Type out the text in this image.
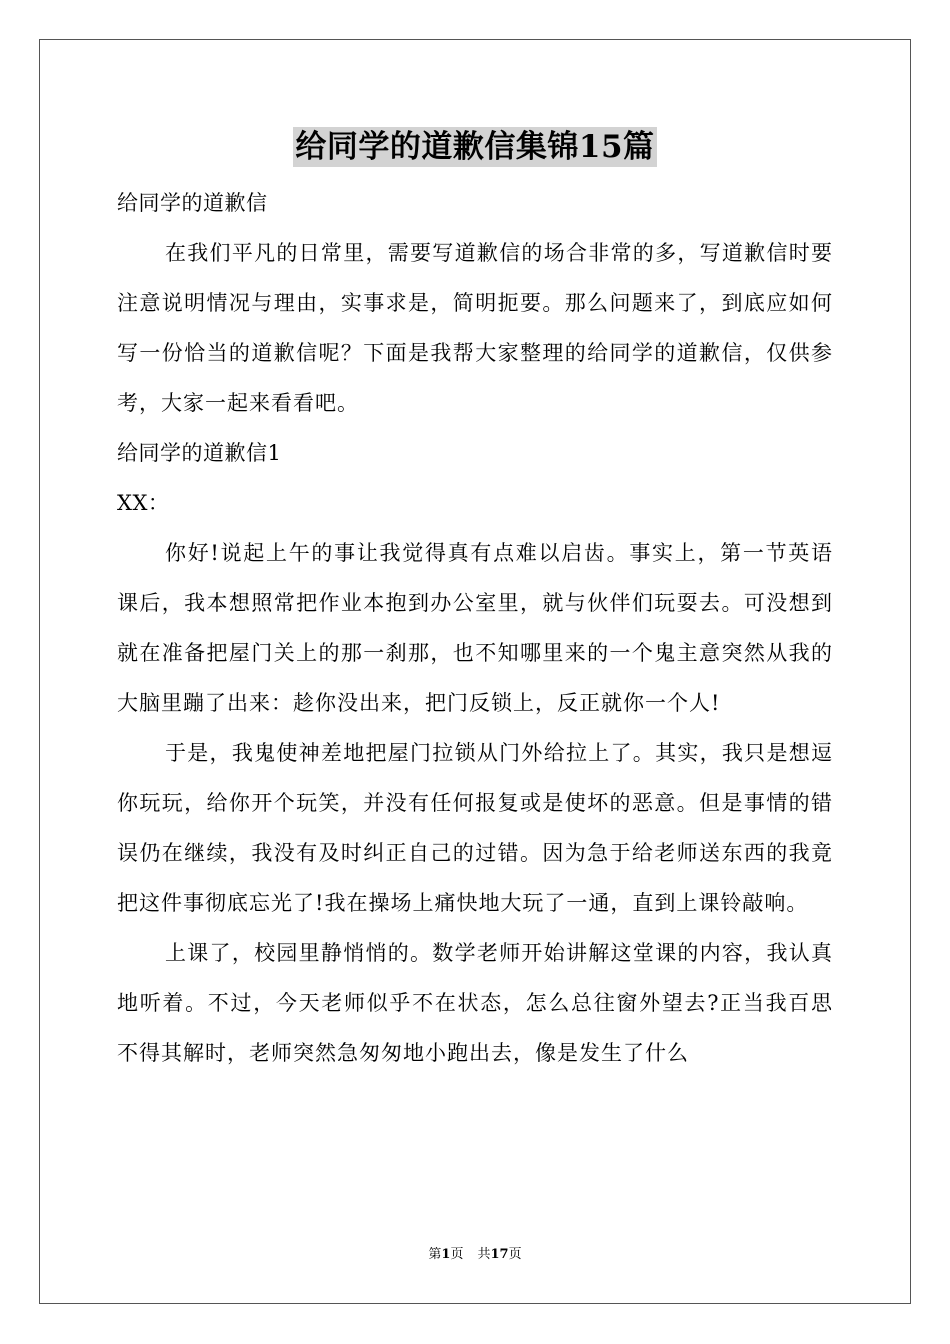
给同学的道歉信集锦15篇

给同学的道歉信

在我们平凡的日常里，需要写道歉信的场合非常的多，写道歉信时要注意说明情况与理由，实事求是，简明扼要。那么问题来了，到底应如何写一份恰当的道歉信呢？下面是我帮大家整理的给同学的道歉信，仅供参考，大家一起来看看吧。

给同学的道歉信1

XX：

你好!说起上午的事让我觉得真有点难以启齿。事实上，第一节英语课后，我本想照常把作业本抱到办公室里，就与伙伴们玩耍去。可没想到就在准备把屋门关上的那一刹那，也不知哪里来的一个鬼主意突然从我的大脑里蹦了出来：趁你没出来，把门反锁上，反正就你一个人!

于是，我鬼使神差地把屋门拉锁从门外给拉上了。其实，我只是想逗你玩玩，给你开个玩笑，并没有任何报复或是使坏的恶意。但是事情的错误仍在继续，我没有及时纠正自己的过错。因为急于给老师送东西的我竟把这件事彻底忘光了!我在操场上痛快地大玩了一通，直到上课铃敲响。

上课了，校园里静悄悄的。数学老师开始讲解这堂课的内容，我认真地听着。不过，今天老师似乎不在状态，怎么总往窗外望去?正当我百思不得其解时，老师突然急匆匆地小跑出去，像是发生了什么

第1页 共17页
